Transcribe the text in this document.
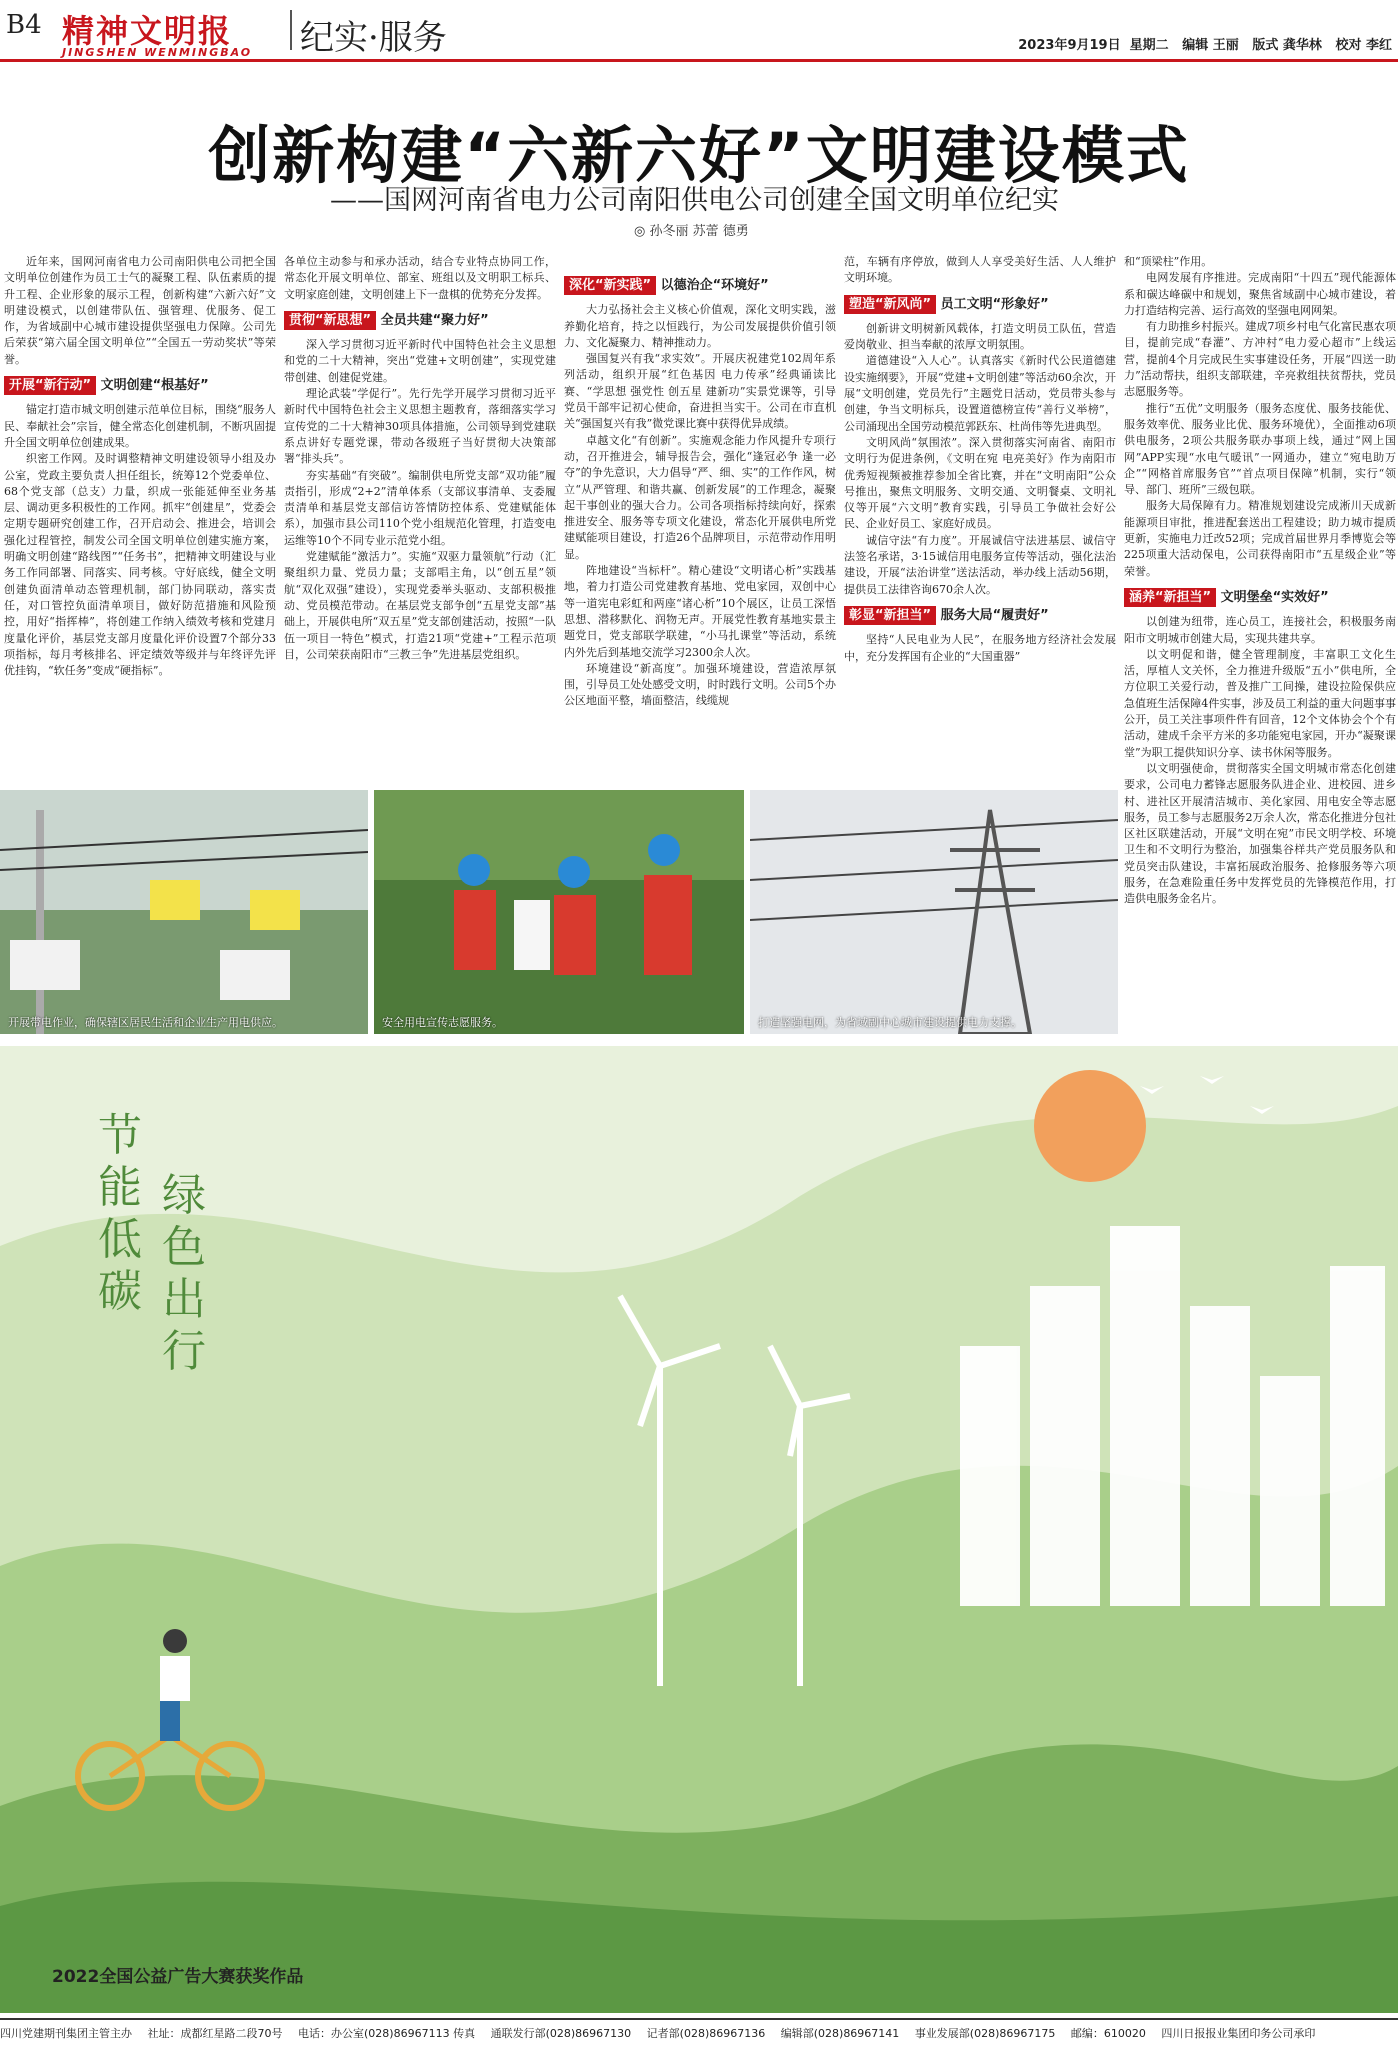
B4 精神文明报
JINGSHEN WENMINGBAO 纪实·服务	2023年9月19日 星期二 编辑 王丽 版式 龚华林 校对 李红
创新构建“六新六好”文明建设模式
——国网河南省电力公司南阳供电公司创建全国文明单位纪实
◎ 孙冬丽 苏蕾 德勇

近年来，国网河南省电力公司南阳供电公司把全国文明单位创建作为员工士气的凝聚工程、队伍素质的提升工程、企业形象的展示工程，创新构建“六新六好”文明建设模式，以创建带队伍、强管理、优服务、促工作，为省域副中心城市建设提供坚强电力保障。公司先后荣获“第六届全国文明单位”“全国五一劳动奖状”等荣誉。

开展“新行动” 文明创建“根基好”

锚定打造市城文明创建示范单位目标，围绕“服务人民、奉献社会”宗旨，健全常态化创建机制，不断巩固提升全国文明单位创建成果。

织密工作网。及时调整精神文明建设领导小组及办公室，党政主要负责人担任组长，统筹12个党委单位、68个党支部（总支）力量，织成一张能延伸至业务基层、调动更多积极性的工作网。抓牢“创建星”，党委会定期专题研究创建工作，召开启动会、推进会，培训会强化过程管控，制发公司全国文明单位创建实施方案，明确文明创建“路线图”“任务书”，把精神文明建设与业务工作同部署、同落实、同考核。守好底线，健全文明创建负面清单动态管理机制，部门协同联动，落实责任，对口管控负面清单项目，做好防范措施和风险预控，用好“指挥棒”，将创建工作纳入绩效考核和党建月度量化评价，基层党支部月度量化评价设置7个部分33项指标，每月考核排名、评定绩效等级并与年终评先评优挂钩，“软任务”变成“硬指标”。

各单位主动参与和承办活动，结合专业特点协同工作，常态化开展文明单位、部室、班组以及文明职工标兵、文明家庭创建，文明创建上下一盘棋的优势充分发挥。

贯彻“新思想” 全员共建“聚力好”

深入学习贯彻习近平新时代中国特色社会主义思想和党的二十大精神，突出“党建+文明创建”，实现党建带创建、创建促党建。

理论武装“学促行”。先行先学开展学习贯彻习近平新时代中国特色社会主义思想主题教育，落细落实学习宣传党的二十大精神30项具体措施，公司领导到党建联系点讲好专题党课，带动各级班子当好贯彻大决策部署“排头兵”。

夯实基础“有突破”。编制供电所党支部“双功能”履责指引，形成“2+2”清单体系（支部议事清单、支委履责清单和基层党支部信访答情防控体系、党建赋能体系），加强市县公司110个党小组规范化管理，打造变电运维等10个不同专业示范党小组。

党建赋能“激活力”。实施“双驱力量领航”行动（汇聚组织力量、党员力量；支部唱主角，以“创五星”领航“双化双强”建设），实现党委举头驱动、支部积极推动、党员模范带动。在基层党支部争创“五星党支部”基础上，开展供电所“双五星”党支部创建活动，按照“一队伍一项目一特色”模式，打造21项“党建+”工程示范项目，公司荣获南阳市“三教三争”先进基层党组织。

深化“新实践” 以德治企“环境好”

大力弘扬社会主义核心价值观，深化文明实践，滋养勤化培育，持之以恒践行，为公司发展提供价值引领力、文化凝聚力、精神推动力。

强国复兴有我“求实效”。开展庆祝建党102周年系列活动，组织开展“红色基因 电力传承”经典诵读比赛、“学思想 强党性 创五星 建新功”实景党课等，引导党员干部牢记初心使命，奋进担当实干。公司在市直机关“强国复兴有我”微党课比赛中获得优异成绩。

卓越文化“有创新”。实施观念能力作风提升专项行动，召开推进会，辅导报告会，强化“逢冠必争 逢一必夺”的争先意识，大力倡导“严、细、实”的工作作风，树立“从严管理、和谐共赢、创新发展”的工作理念，凝聚起干事创业的强大合力。公司各项指标持续向好，探索推进安全、服务等专项文化建设，常态化开展供电所党建赋能项目建设，打造26个品牌项目，示范带动作用明显。

阵地建设“当标杆”。精心建设“文明诸心析”实践基地，着力打造公司党建教育基地、党电家园，双创中心等一道宪电彩虹和两座“诸心析”10个展区，让员工深悟思想、潜移默化、润物无声。开展党性教育基地实景主题党日，党支部联学联建，“小马扎课堂”等活动，系统内外先后到基地交流学习2300余人次。

环境建设“新高度”。加强环境建设，营造浓厚氛围，引导员工处处感受文明，时时践行文明。公司5个办公区地面平整，墙面整洁，线缆规

范，车辆有序停放，做到人人享受美好生活、人人维护文明环境。

塑造“新风尚” 员工文明“形象好”

创新讲文明树新风载体，打造文明员工队伍，营造爱岗敬业、担当奉献的浓厚文明氛围。

道德建设“入人心”。认真落实《新时代公民道德建设实施纲要》，开展“党建+文明创建”等活动60余次，开展“文明创建，党员先行”主题党日活动，党员带头参与创建，争当文明标兵，设置道德榜宣传“善行义举榜”，公司涌现出全国劳动模范郭跃东、杜尚伟等先进典型。

文明风尚“氛围浓”。深入贯彻落实河南省、南阳市文明行为促进条例，《文明在宛 电亮美好》作为南阳市优秀短视频被推荐参加全省比赛，并在“文明南阳”公众号推出，聚焦文明服务、文明交通、文明餐桌、文明礼仪等开展“六文明”教育实践，引导员工争做社会好公民、企业好员工、家庭好成员。

诚信守法“有力度”。开展诚信守法进基层、诚信守法签名承诺，3·15诚信用电服务宣传等活动，强化法治建设，开展“法治讲堂”送法活动，举办线上活动56期，提供员工法律咨询670余人次。

彰显“新担当” 服务大局“履责好”

坚持“人民电业为人民”，在服务地方经济社会发展中，充分发挥国有企业的“大国重器”

和“顶梁柱”作用。

电网发展有序推进。完成南阳“十四五”现代能源体系和碳达峰碳中和规划，聚焦省域副中心城市建设，着力打造结构完善、运行高效的坚强电网网架。

有力助推乡村振兴。建成7项乡村电气化富民惠农项目，提前完成“春灌”、方冲村“电力爱心超市”上线运营，提前4个月完成民生实事建设任务，开展“四送一助力”活动帮扶，组织支部联建，辛亮救组扶贫帮扶，党员志愿服务等。

推行“五优”文明服务（服务态度优、服务技能优、服务效率优、服务业比优、服务环境优），全面推动6项供电服务，2项公共服务联办事项上线，通过“网上国网”APP实现“水电气暖讯”一网通办，建立“宛电助万企”“网格首席服务官”“首点项目保障”机制，实行“领导、部门、班所”三级包联。

服务大局保障有力。精准规划建设完成淅川天成新能源项目审批，推进配套送出工程建设；助力城市提质更新，实施电力迁改52项；完成首届世界月季博览会等225项重大活动保电，公司获得南阳市“五星级企业”等荣誉。

涵养“新担当” 文明堡垒“实效好”

以创建为纽带，连心员工，连接社会，积极服务南阳市文明城市创建大局，实现共建共享。

以文明促和谐，健全管理制度，丰富职工文化生活，厚植人文关怀，全力推进升级版“五小”供电所，全方位职工关爱行动，普及推广工间操，建设拉险保供应急值班生活保障4件实事，涉及员工利益的重大问题事事公开，员工关注事项件件有回音，12个文体协会个个有活动，建成千余平方米的多功能宛电家园，开办“凝聚课堂”为职工提供知识分享、读书休闲等服务。

以文明强使命，贯彻落实全国文明城市常态化创建要求，公司电力蓄锋志愿服务队进企业、进校园、进乡村、进社区开展清洁城市、美化家园、用电安全等志愿服务，员工参与志愿服务2万余人次，常态化推进分包社区社区联建活动，开展“文明在宛”市民文明学校、环境卫生和不文明行为整治，加强集谷样共产党员服务队和党员突击队建设，丰富拓展政治服务、抢修服务等六项服务，在急难险重任务中发挥党员的先锋模范作用，打造供电服务金名片。

开展带电作业，确保辖区居民生活和企业生产用电供应。	安全用电宣传志愿服务。	打造坚强电网，为省域副中心城市建设提供电力支撑。
节能低碳
绿色出行
2022全国公益广告大赛获奖作品
四川党建期刊集团主管主办 社址：成都红星路二段70号 电话：办公室(028)86967113 传真 通联发行部(028)86967130 记者部(028)86967136 编辑部(028)86967141 事业发展部(028)86967175 邮编：610020 四川日报报业集团印务公司承印
